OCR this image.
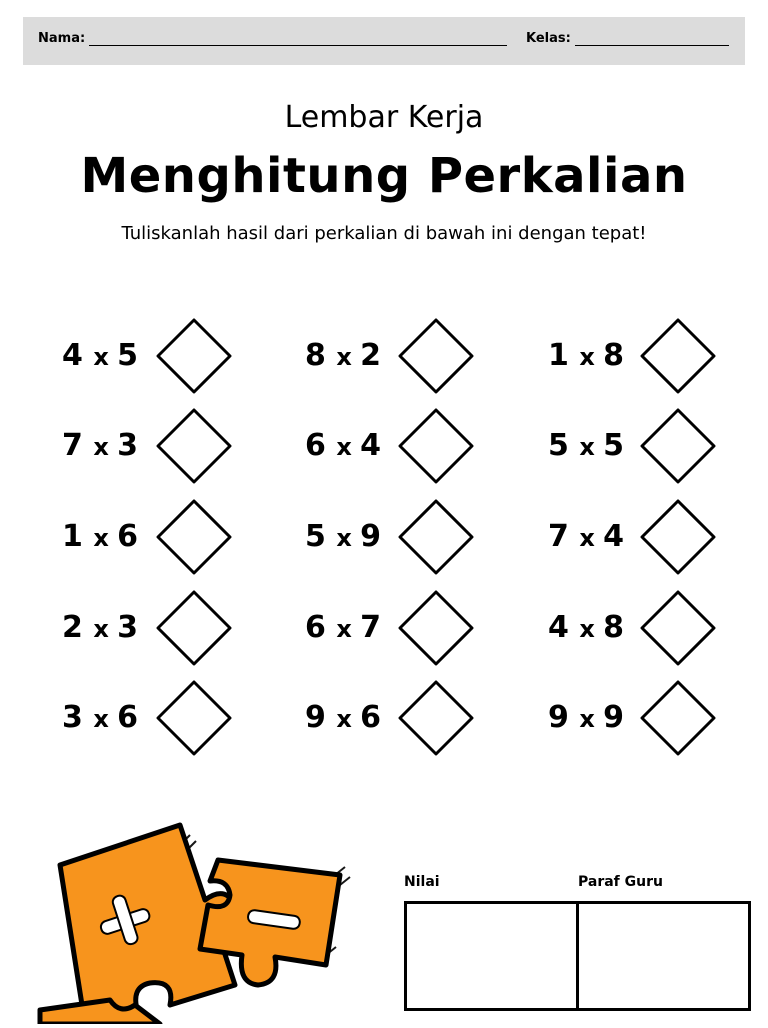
Nama:	Kelas:
Lembar Kerja
Menghitung Perkalian
Tuliskanlah hasil dari perkalian di bawah ini dengan tepat!
4 x 5	8 x 2	1 x 8
7 x 3	6 x 4	5 x 5
1 x 6	5 x 9	7 x 4
2 x 3	6 x 7	4 x 8
3 x 6	9 x 6	9 x 9
Nilai	Paraf Guru
